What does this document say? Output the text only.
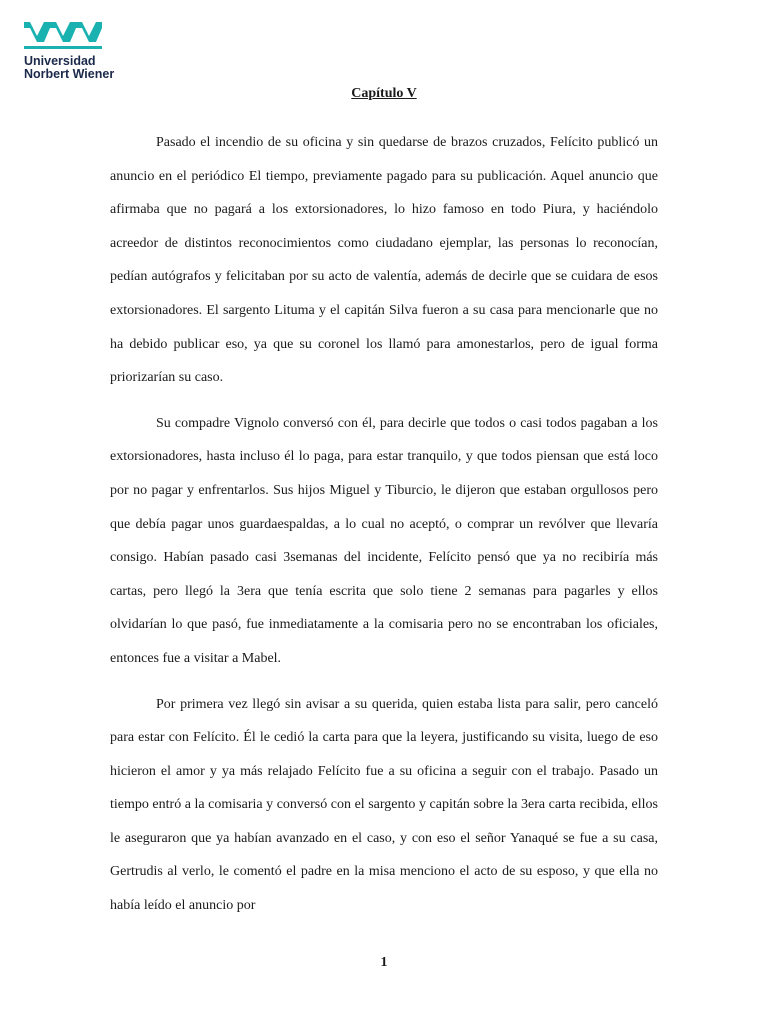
Universidad
Norbert Wiener
Capítulo V

Pasado el incendio de su oficina y sin quedarse de brazos cruzados, Felícito publicó un anuncio en el periódico El tiempo, previamente pagado para su publicación. Aquel anuncio que afirmaba que no pagará a los extorsionadores, lo hizo famoso en todo Piura, y haciéndolo acreedor de distintos reconocimientos como ciudadano ejemplar, las personas lo reconocían, pedían autógrafos y felicitaban por su acto de valentía, además de decirle que se cuidara de esos extorsionadores. El sargento Lituma y el capitán Silva fueron a su casa para mencionarle que no ha debido publicar eso, ya que su coronel los llamó para amonestarlos, pero de igual forma priorizarían su caso.

Su compadre Vignolo conversó con él, para decirle que todos o casi todos pagaban a los extorsionadores, hasta incluso él lo paga, para estar tranquilo, y que todos piensan que está loco por no pagar y enfrentarlos. Sus hijos Miguel y Tiburcio, le dijeron que estaban orgullosos pero que debía pagar unos guardaespaldas, a lo cual no aceptó, o comprar un revólver que llevaría consigo. Habían pasado casi 3semanas del incidente, Felícito pensó que ya no recibiría más cartas, pero llegó la 3era que tenía escrita que solo tiene 2 semanas para pagarles y ellos olvidarían lo que pasó, fue inmediatamente a la comisaria pero no se encontraban los oficiales, entonces fue a visitar a Mabel.

Por primera vez llegó sin avisar a su querida, quien estaba lista para salir, pero canceló para estar con Felícito. Él le cedió la carta para que la leyera, justificando su visita, luego de eso hicieron el amor y ya más relajado Felícito fue a su oficina a seguir con el trabajo. Pasado un tiempo entró a la comisaria y conversó con el sargento y capitán sobre la 3era carta recibida, ellos le aseguraron que ya habían avanzado en el caso, y con eso el señor Yanaqué se fue a su casa, Gertrudis al verlo, le comentó el padre en la misa menciono el acto de su esposo, y que ella no había leído el anuncio por

1
